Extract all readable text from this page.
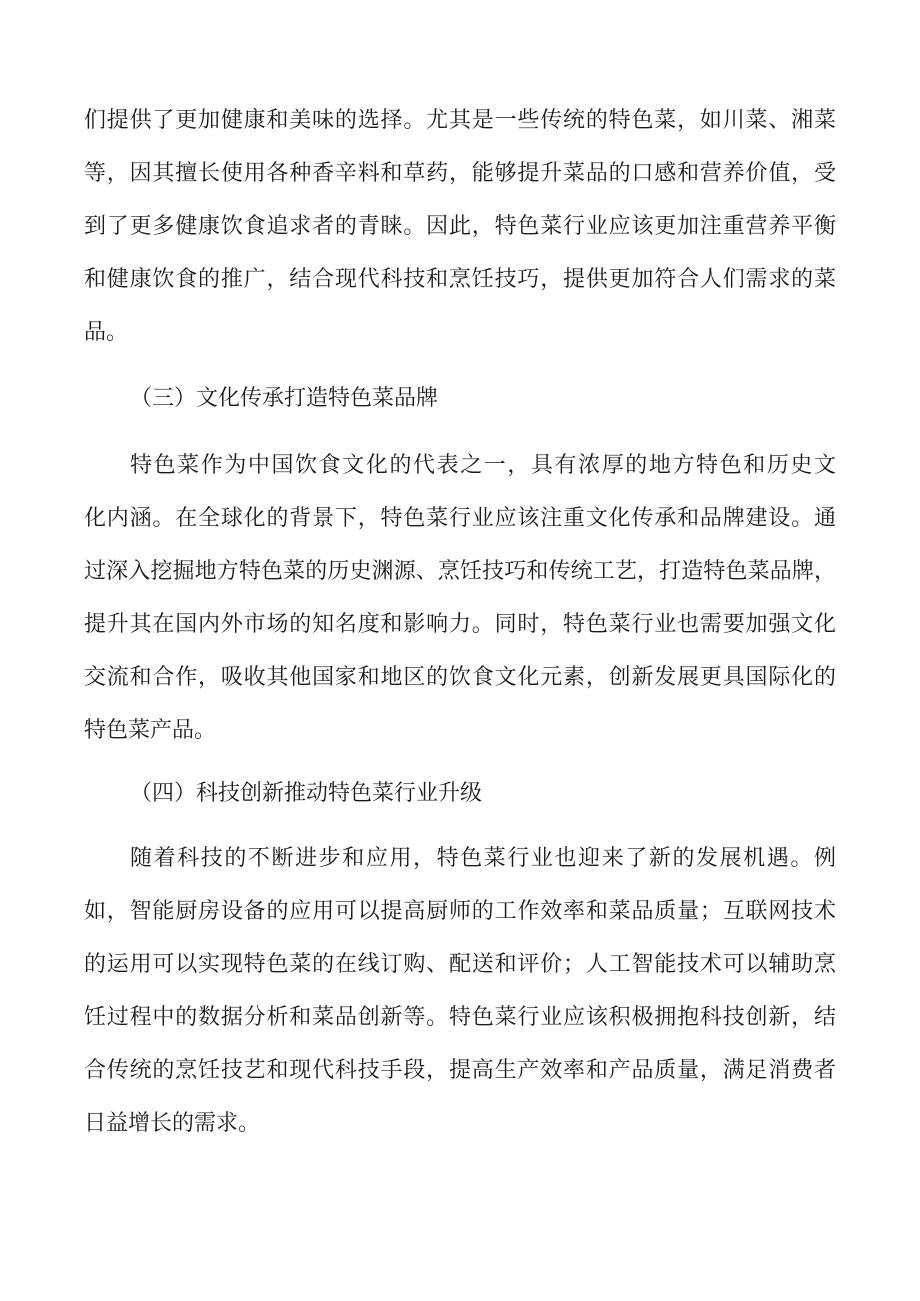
们提供了更加健康和美味的选择。尤其是一些传统的特色菜，如川菜、湘菜
等，因其擅长使用各种香辛料和草药，能够提升菜品的口感和营养价值，受
到了更多健康饮食追求者的青睐。因此，特色菜行业应该更加注重营养平衡
和健康饮食的推广，结合现代科技和烹饪技巧，提供更加符合人们需求的菜
品。
（三）文化传承打造特色菜品牌
特色菜作为中国饮食文化的代表之一，具有浓厚的地方特色和历史文
化内涵。在全球化的背景下，特色菜行业应该注重文化传承和品牌建设。通
过深入挖掘地方特色菜的历史渊源、烹饪技巧和传统工艺，打造特色菜品牌，
提升其在国内外市场的知名度和影响力。同时，特色菜行业也需要加强文化
交流和合作，吸收其他国家和地区的饮食文化元素，创新发展更具国际化的
特色菜产品。
（四）科技创新推动特色菜行业升级
随着科技的不断进步和应用，特色菜行业也迎来了新的发展机遇。例
如，智能厨房设备的应用可以提高厨师的工作效率和菜品质量；互联网技术
的运用可以实现特色菜的在线订购、配送和评价；人工智能技术可以辅助烹
饪过程中的数据分析和菜品创新等。特色菜行业应该积极拥抱科技创新，结
合传统的烹饪技艺和现代科技手段，提高生产效率和产品质量，满足消费者
日益增长的需求。
